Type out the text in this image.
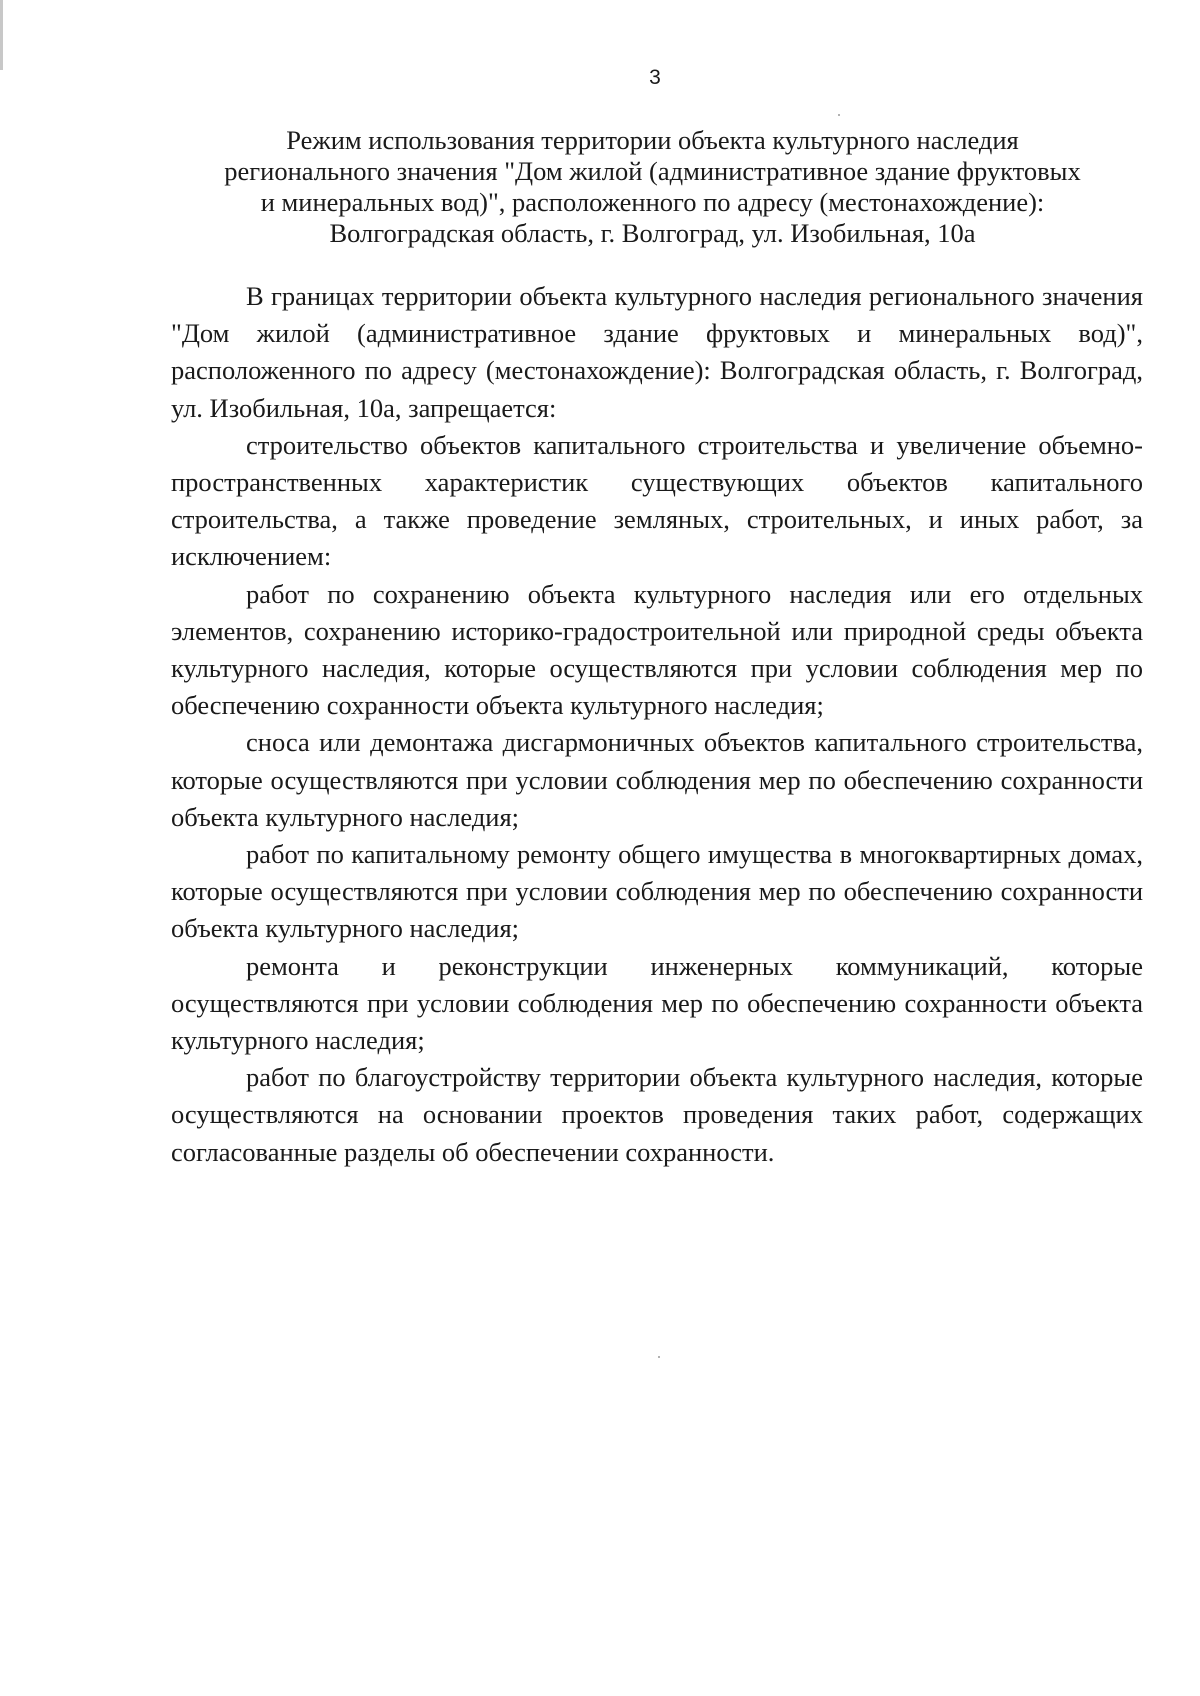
3
Режим использования территории объекта культурного наследия
регионального значения "Дом жилой (административное здание фруктовых
и минеральных вод)", расположенного по адресу (местонахождение):
Волгоградская область, г. Волгоград, ул. Изобильная, 10а

В границах территории объекта культурного наследия регионального значения "Дом жилой (административное здание фруктовых и минеральных вод)", расположенного по адресу (местонахождение): Волгоградская область, г. Волгоград, ул. Изобильная, 10а, запрещается:

строительство объектов капитального строительства и увеличение объемно-пространственных характеристик существующих объектов капитального строительства, а также проведение земляных, строительных, и иных работ, за исключением:

работ по сохранению объекта культурного наследия или его отдельных элементов, сохранению историко-градостроительной или природной среды объекта культурного наследия, которые осуществляются при условии соблюдения мер по обеспечению сохранности объекта культурного наследия;

сноса или демонтажа дисгармоничных объектов капитального строительства, которые осуществляются при условии соблюдения мер по обеспечению сохранности объекта культурного наследия;

работ по капитальному ремонту общего имущества в многоквартирных домах, которые осуществляются при условии соблюдения мер по обеспечению сохранности объекта культурного наследия;

ремонта и реконструкции инженерных коммуникаций, которые осуществляются при условии соблюдения мер по обеспечению сохранности объекта культурного наследия;

работ по благоустройству территории объекта культурного наследия, которые осуществляются на основании проектов проведения таких работ, содержащих согласованные разделы об обеспечении сохранности.
